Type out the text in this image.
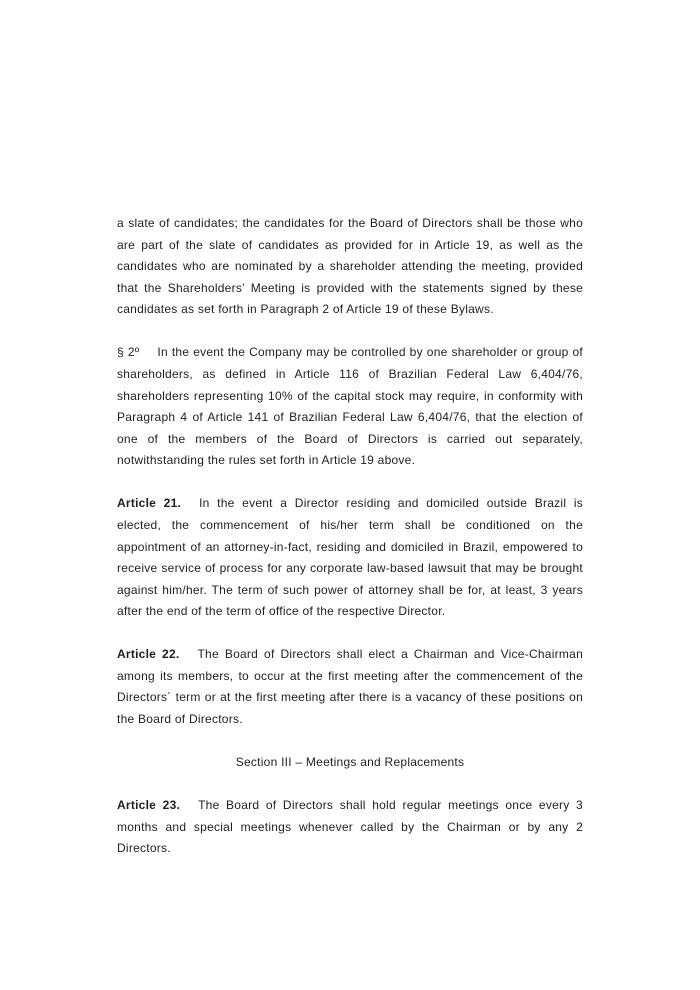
a slate of candidates; the candidates for the Board of Directors shall be those who are part of the slate of candidates as provided for in Article 19, as well as the candidates who are nominated by a shareholder attending the meeting, provided that the Shareholders’ Meeting is provided with the statements signed by these candidates as set forth in Paragraph 2 of Article 19 of these Bylaws.

§ 2º In the event the Company may be controlled by one shareholder or group of shareholders, as defined in Article 116 of Brazilian Federal Law 6,404/76, shareholders representing 10% of the capital stock may require, in conformity with Paragraph 4 of Article 141 of Brazilian Federal Law 6,404/76, that the election of one of the members of the Board of Directors is carried out separately, notwithstanding the rules set forth in Article 19 above.

Article 21. In the event a Director residing and domiciled outside Brazil is elected, the commencement of his/her term shall be conditioned on the appointment of an attorney-in-fact, residing and domiciled in Brazil, empowered to receive service of process for any corporate law-based lawsuit that may be brought against him/her. The term of such power of attorney shall be for, at least, 3 years after the end of the term of office of the respective Director.

Article 22. The Board of Directors shall elect a Chairman and Vice-Chairman among its members, to occur at the first meeting after the commencement of the Directors´ term or at the first meeting after there is a vacancy of these positions on the Board of Directors.

Section III – Meetings and Replacements

Article 23. The Board of Directors shall hold regular meetings once every 3 months and special meetings whenever called by the Chairman or by any 2 Directors.
